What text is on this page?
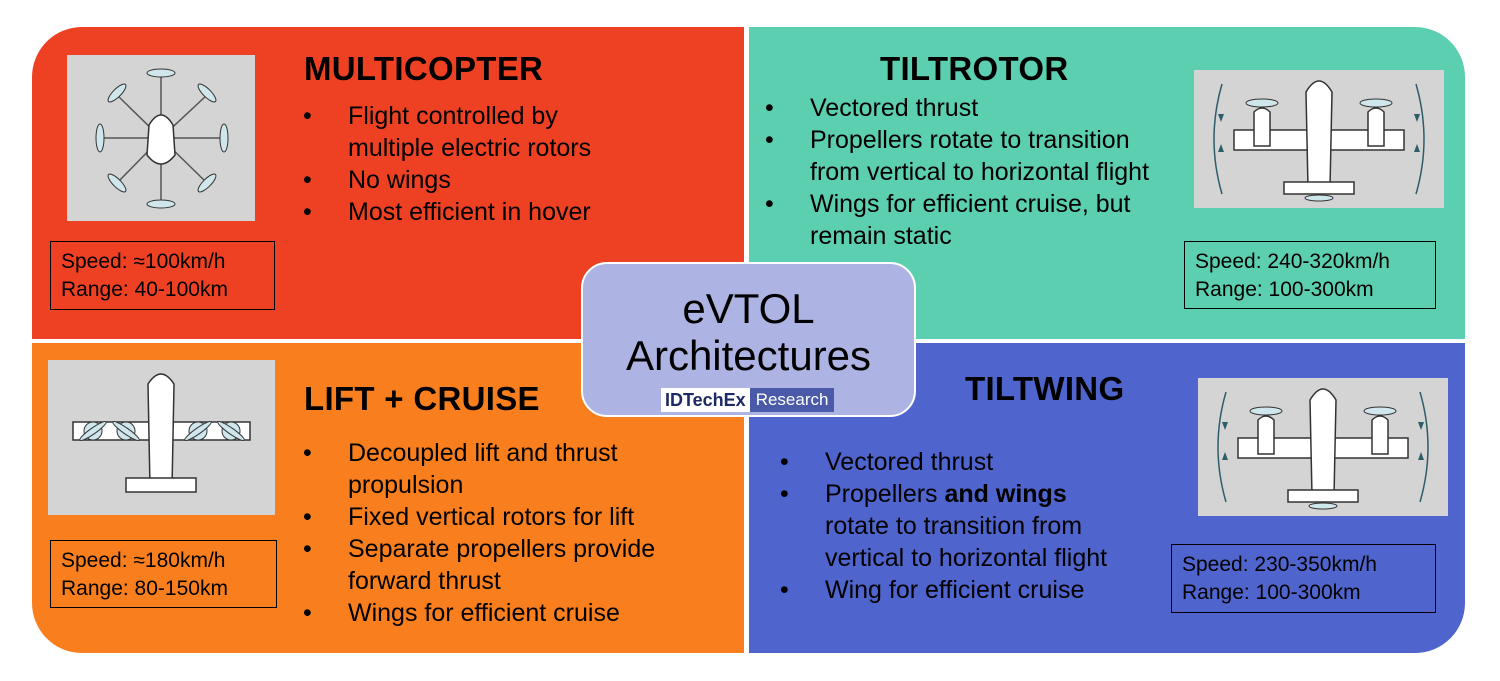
MULTICOPTER
• Flight controlled by
multiple electric rotors
• No wings
• Most efficient in hover
Speed: ≈100km/h
Range: 40-100km
TILTROTOR
• Vectored thrust
• Propellers rotate to transition
from vertical to horizontal flight
• Wings for efficient cruise, but
remain static
Speed: 240-320km/h
Range: 100-300km
LIFT + CRUISE
• Decoupled lift and thrust
propulsion
• Fixed vertical rotors for lift
• Separate propellers provide
forward thrust
• Wings for efficient cruise
Speed: ≈180km/h
Range: 80-150km
TILTWING
• Vectored thrust
• Propellers and wings
rotate to transition from
vertical to horizontal flight
• Wing for efficient cruise
Speed: 230-350km/h
Range: 100-300km
eVTOL
Architectures
IDTechEx Research
